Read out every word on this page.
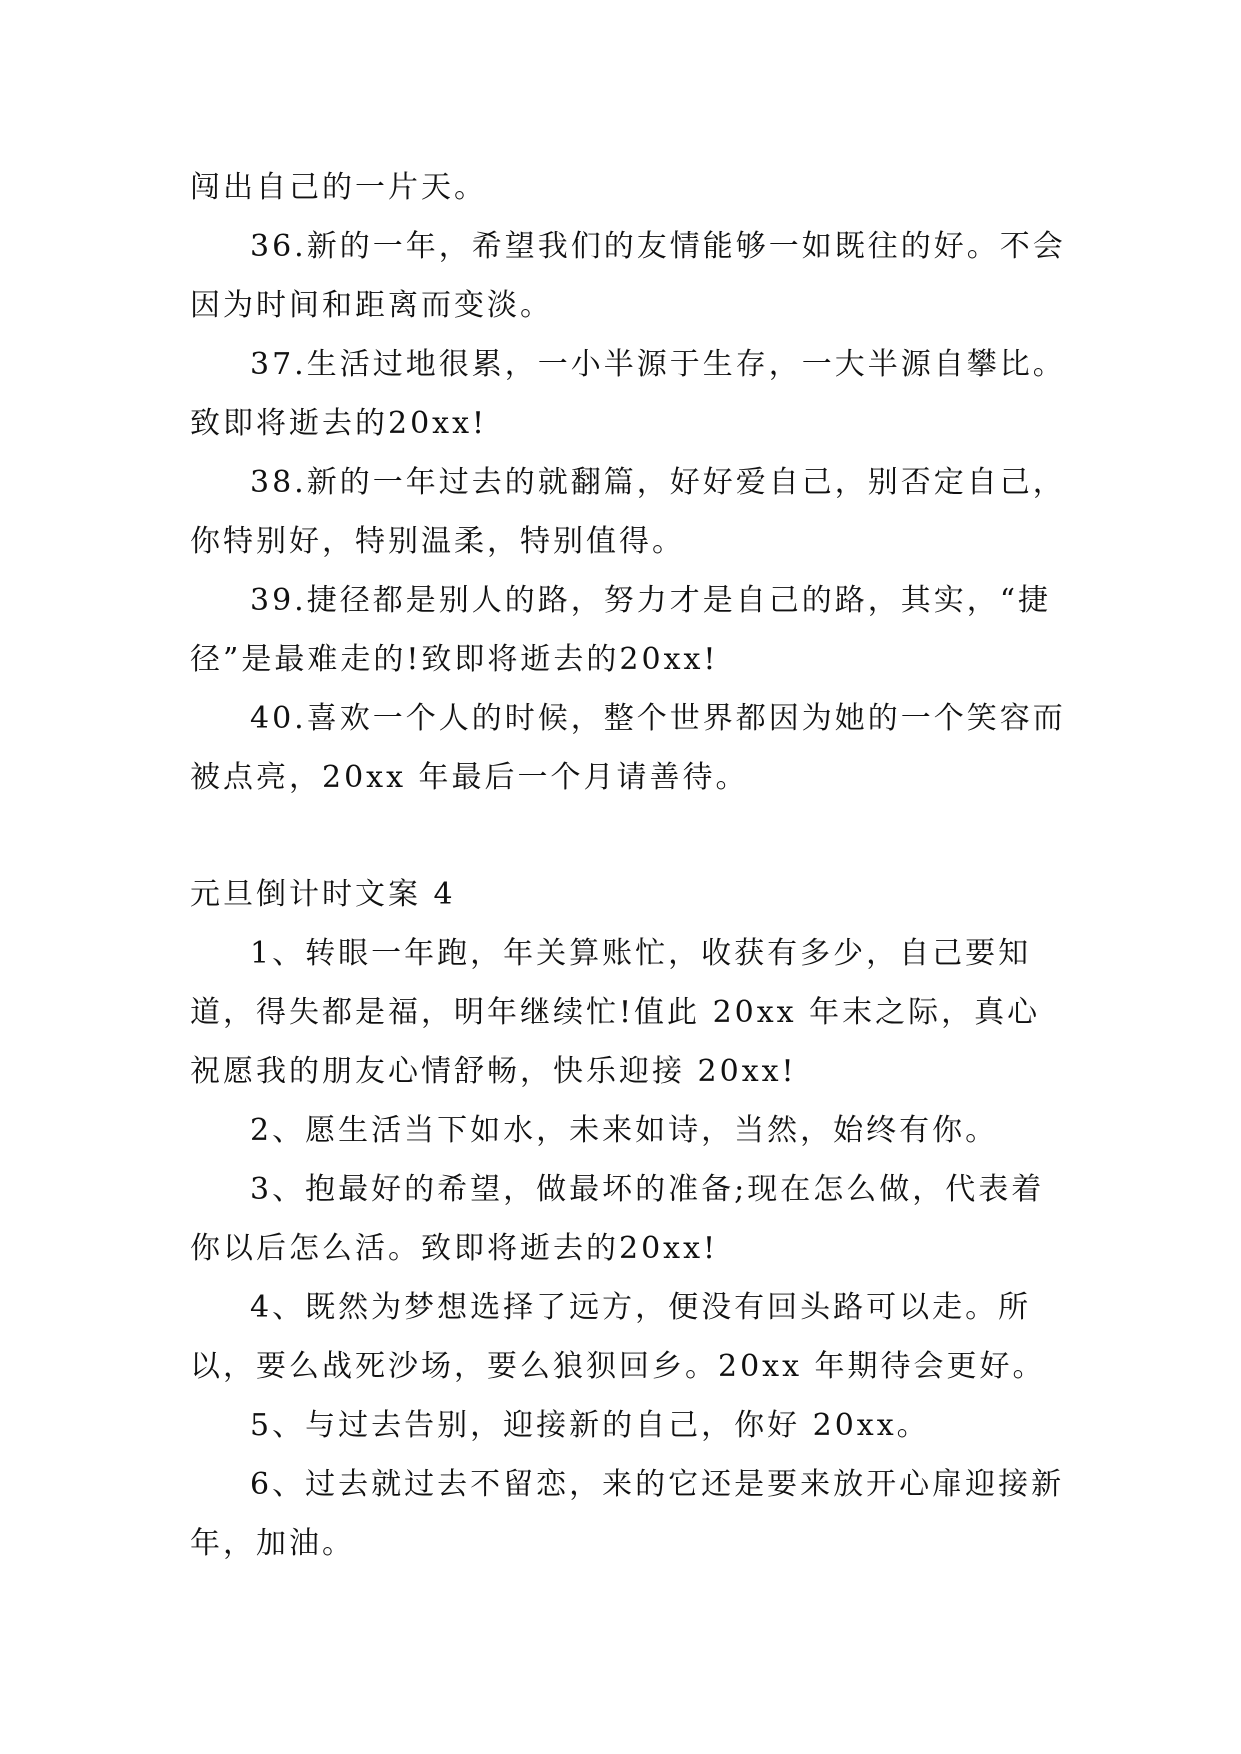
闯出自己的一片天。

36.新的一年，希望我们的友情能够一如既往的好。不会因为时间和距离而变淡。

37.生活过地很累，一小半源于生存，一大半源自攀比。致即将逝去的20xx!

38.新的一年过去的就翻篇，好好爱自己，别否定自己，你特别好，特别温柔，特别值得。

39.捷径都是别人的路，努力才是自己的路，其实，“捷径”是最难走的!致即将逝去的20xx!

40.喜欢一个人的时候，整个世界都因为她的一个笑容而被点亮，20xx 年最后一个月请善待。

元旦倒计时文案 4

1、转眼一年跑，年关算账忙，收获有多少，自己要知道，得失都是福，明年继续忙!值此 20xx 年末之际，真心祝愿我的朋友心情舒畅，快乐迎接 20xx!

2、愿生活当下如水，未来如诗，当然，始终有你。

3、抱最好的希望，做最坏的准备;现在怎么做，代表着你以后怎么活。致即将逝去的20xx!

4、既然为梦想选择了远方，便没有回头路可以走。所以，要么战死沙场，要么狼狈回乡。20xx 年期待会更好。

5、与过去告别，迎接新的自己，你好 20xx。

6、过去就过去不留恋，来的它还是要来放开心扉迎接新年，加油。
